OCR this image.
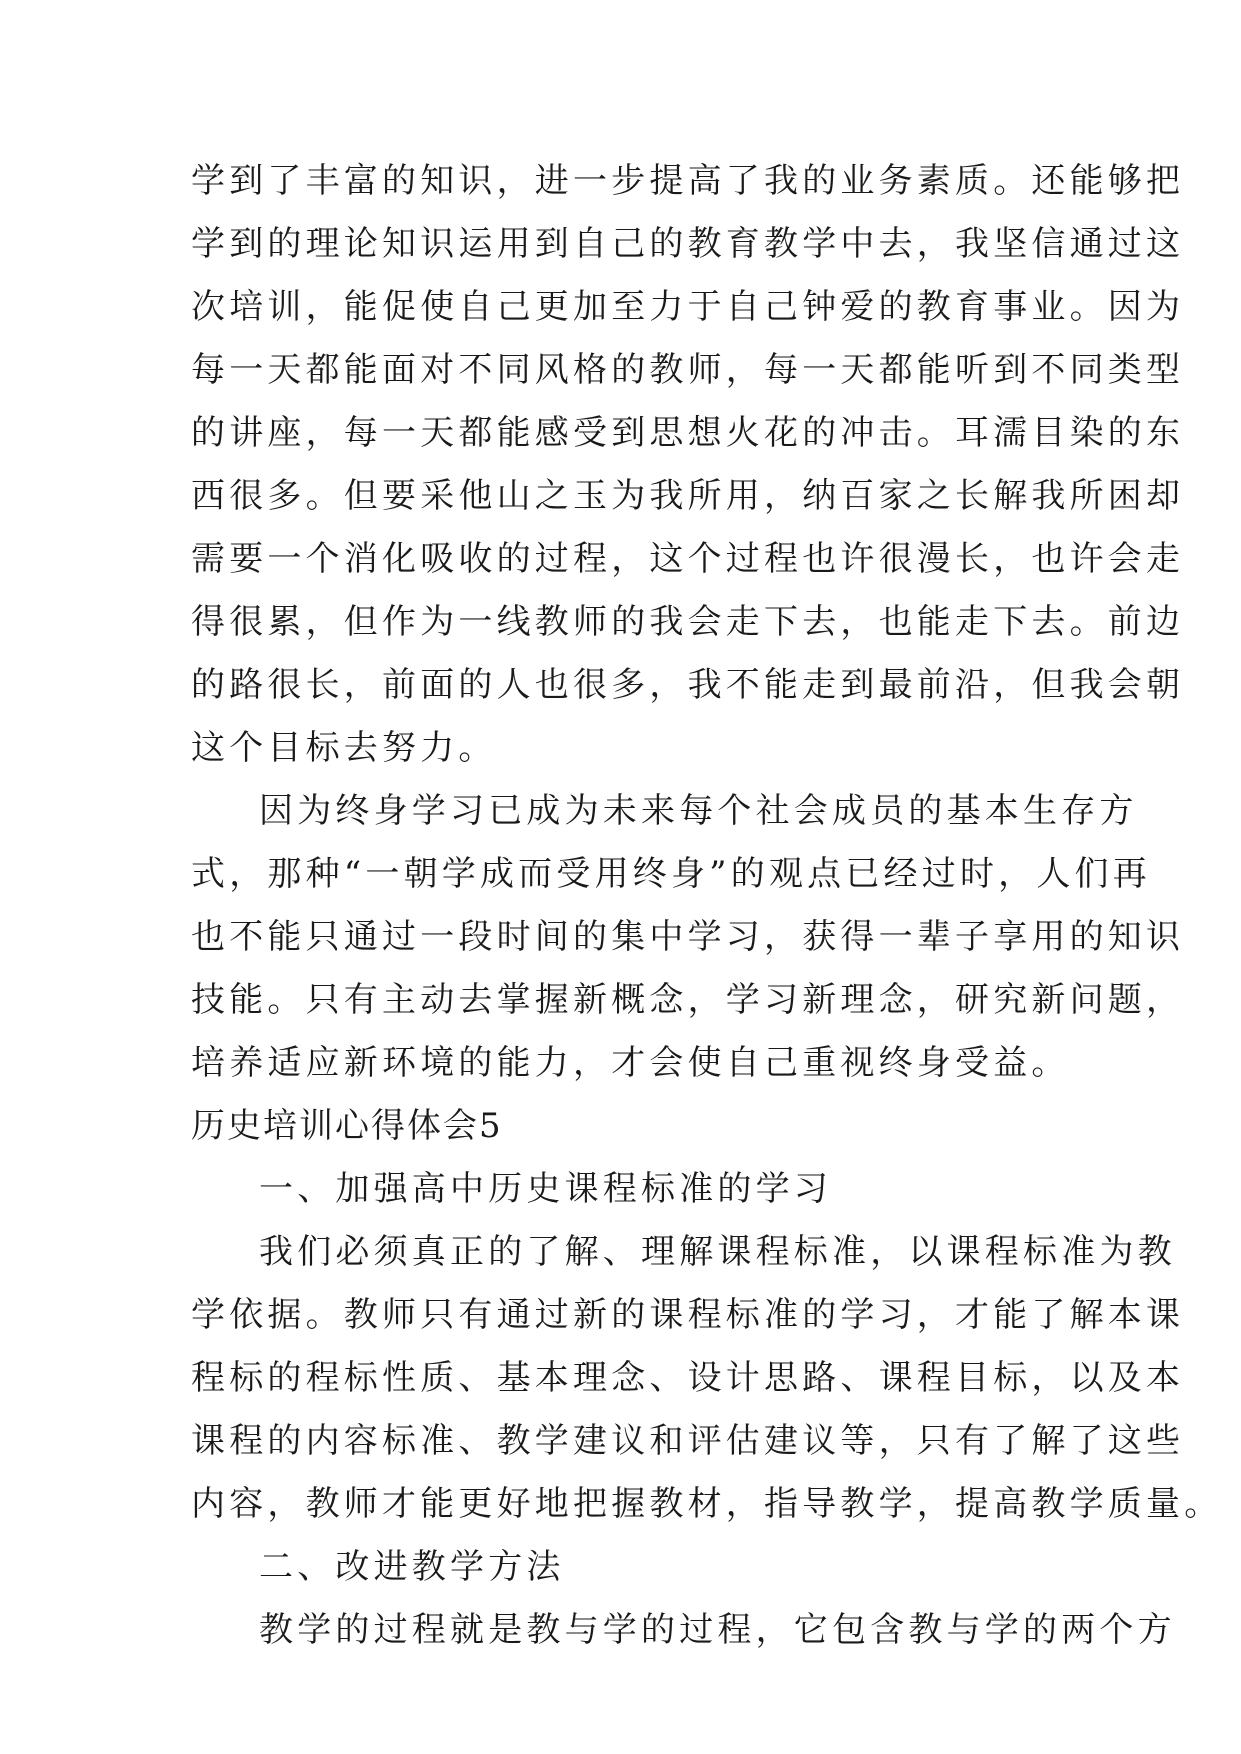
学到了丰富的知识，进一步提高了我的业务素质。还能够把
学到的理论知识运用到自己的教育教学中去，我坚信通过这
次培训，能促使自己更加至力于自己钟爱的教育事业。因为
每一天都能面对不同风格的教师，每一天都能听到不同类型
的讲座，每一天都能感受到思想火花的冲击。耳濡目染的东
西很多。但要采他山之玉为我所用，纳百家之长解我所困却
需要一个消化吸收的过程，这个过程也许很漫长，也许会走
得很累，但作为一线教师的我会走下去，也能走下去。前边
的路很长，前面的人也很多，我不能走到最前沿，但我会朝
这个目标去努力。
因为终身学习已成为未来每个社会成员的基本生存方
式，那种“一朝学成而受用终身”的观点已经过时，人们再
也不能只通过一段时间的集中学习，获得一辈子享用的知识
技能。只有主动去掌握新概念，学习新理念，研究新问题，
培养适应新环境的能力，才会使自己重视终身受益。
历史培训心得体会5
一、加强高中历史课程标准的学习
我们必须真正的了解、理解课程标准，以课程标准为教
学依据。教师只有通过新的课程标准的学习，才能了解本课
程标的程标性质、基本理念、设计思路、课程目标，以及本
课程的内容标准、教学建议和评估建议等，只有了解了这些
内容，教师才能更好地把握教材，指导教学，提高教学质量。
二、改进教学方法
教学的过程就是教与学的过程，它包含教与学的两个方
